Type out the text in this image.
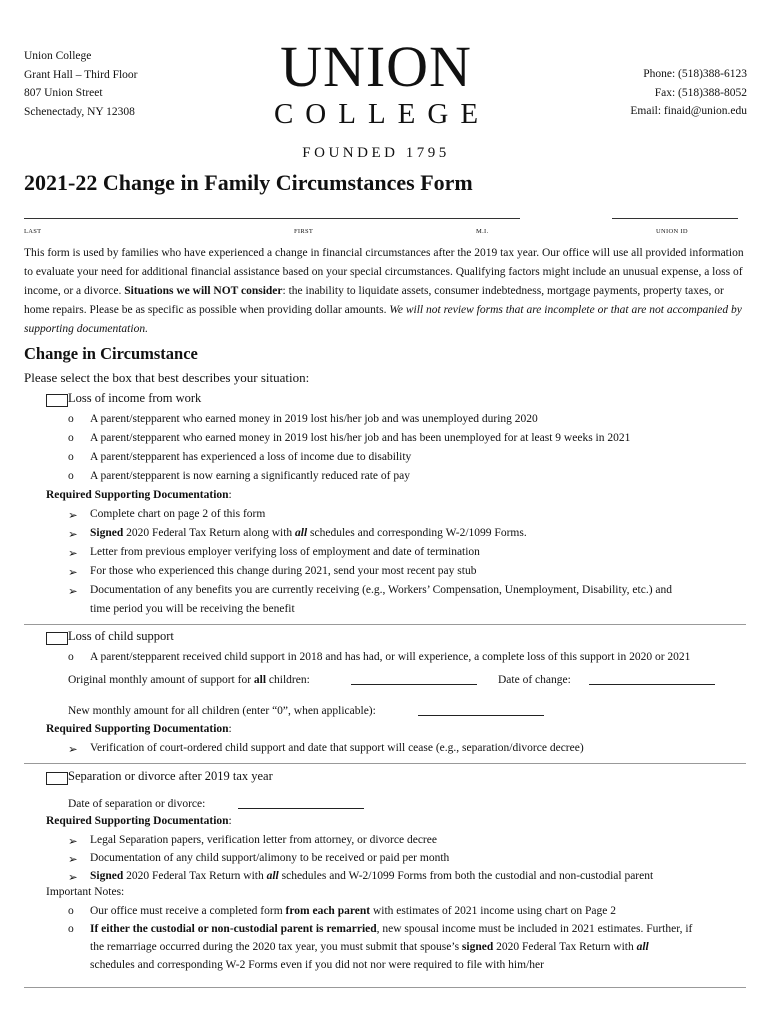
Union College
Grant Hall – Third Floor
807 Union Street
Schenectady, NY 12308
UNION
COLLEGE
FOUNDED 1795
Phone: (518)388-6123
Fax: (518)388-8052
Email: finaid@union.edu
2021-22 Change in Family Circumstances Form
LAST	FIRST	M.I.	UNION ID
This form is used by families who have experienced a change in financial circumstances after the 2019 tax year. Our office will use all provided information to evaluate your need for additional financial assistance based on your special circumstances. Qualifying factors might include an unusual expense, a loss of income, or a divorce. Situations we will NOT consider: the inability to liquidate assets, consumer indebtedness, mortgage payments, property taxes, or home repairs. Please be as specific as possible when providing dollar amounts. We will not review forms that are incomplete or that are not accompanied by supporting documentation.
Change in Circumstance
Please select the box that best describes your situation:
Loss of income from work
o A parent/stepparent who earned money in 2019 lost his/her job and was unemployed during 2020
o A parent/stepparent who earned money in 2019 lost his/her job and has been unemployed for at least 9 weeks in 2021
o A parent/stepparent has experienced a loss of income due to disability
o A parent/stepparent is now earning a significantly reduced rate of pay
Required Supporting Documentation:
➢ Complete chart on page 2 of this form
➢ Signed 2020 Federal Tax Return along with all schedules and corresponding W-2/1099 Forms.
➢ Letter from previous employer verifying loss of employment and date of termination
➢ For those who experienced this change during 2021, send your most recent pay stub
➢ Documentation of any benefits you are currently receiving (e.g., Workers’ Compensation, Unemployment, Disability, etc.) and
time period you will be receiving the benefit
Loss of child support
o A parent/stepparent received child support in 2018 and has had, or will experience, a complete loss of this support in 2020 or 2021
Original monthly amount of support for all children:	Date of change:
New monthly amount for all children (enter “0”, when applicable):
Required Supporting Documentation:
➢ Verification of court-ordered child support and date that support will cease (e.g., separation/divorce decree)
Separation or divorce after 2019 tax year
Date of separation or divorce:
Required Supporting Documentation:
➢ Legal Separation papers, verification letter from attorney, or divorce decree
➢ Documentation of any child support/alimony to be received or paid per month
➢ Signed 2020 Federal Tax Return with all schedules and W-2/1099 Forms from both the custodial and non-custodial parent
Important Notes:
o Our office must receive a completed form from each parent with estimates of 2021 income using chart on Page 2
o If either the custodial or non-custodial parent is remarried, new spousal income must be included in 2021 estimates. Further, if
the remarriage occurred during the 2020 tax year, you must submit that spouse’s signed 2020 Federal Tax Return with all
schedules and corresponding W-2 Forms even if you did not nor were required to file with him/her
